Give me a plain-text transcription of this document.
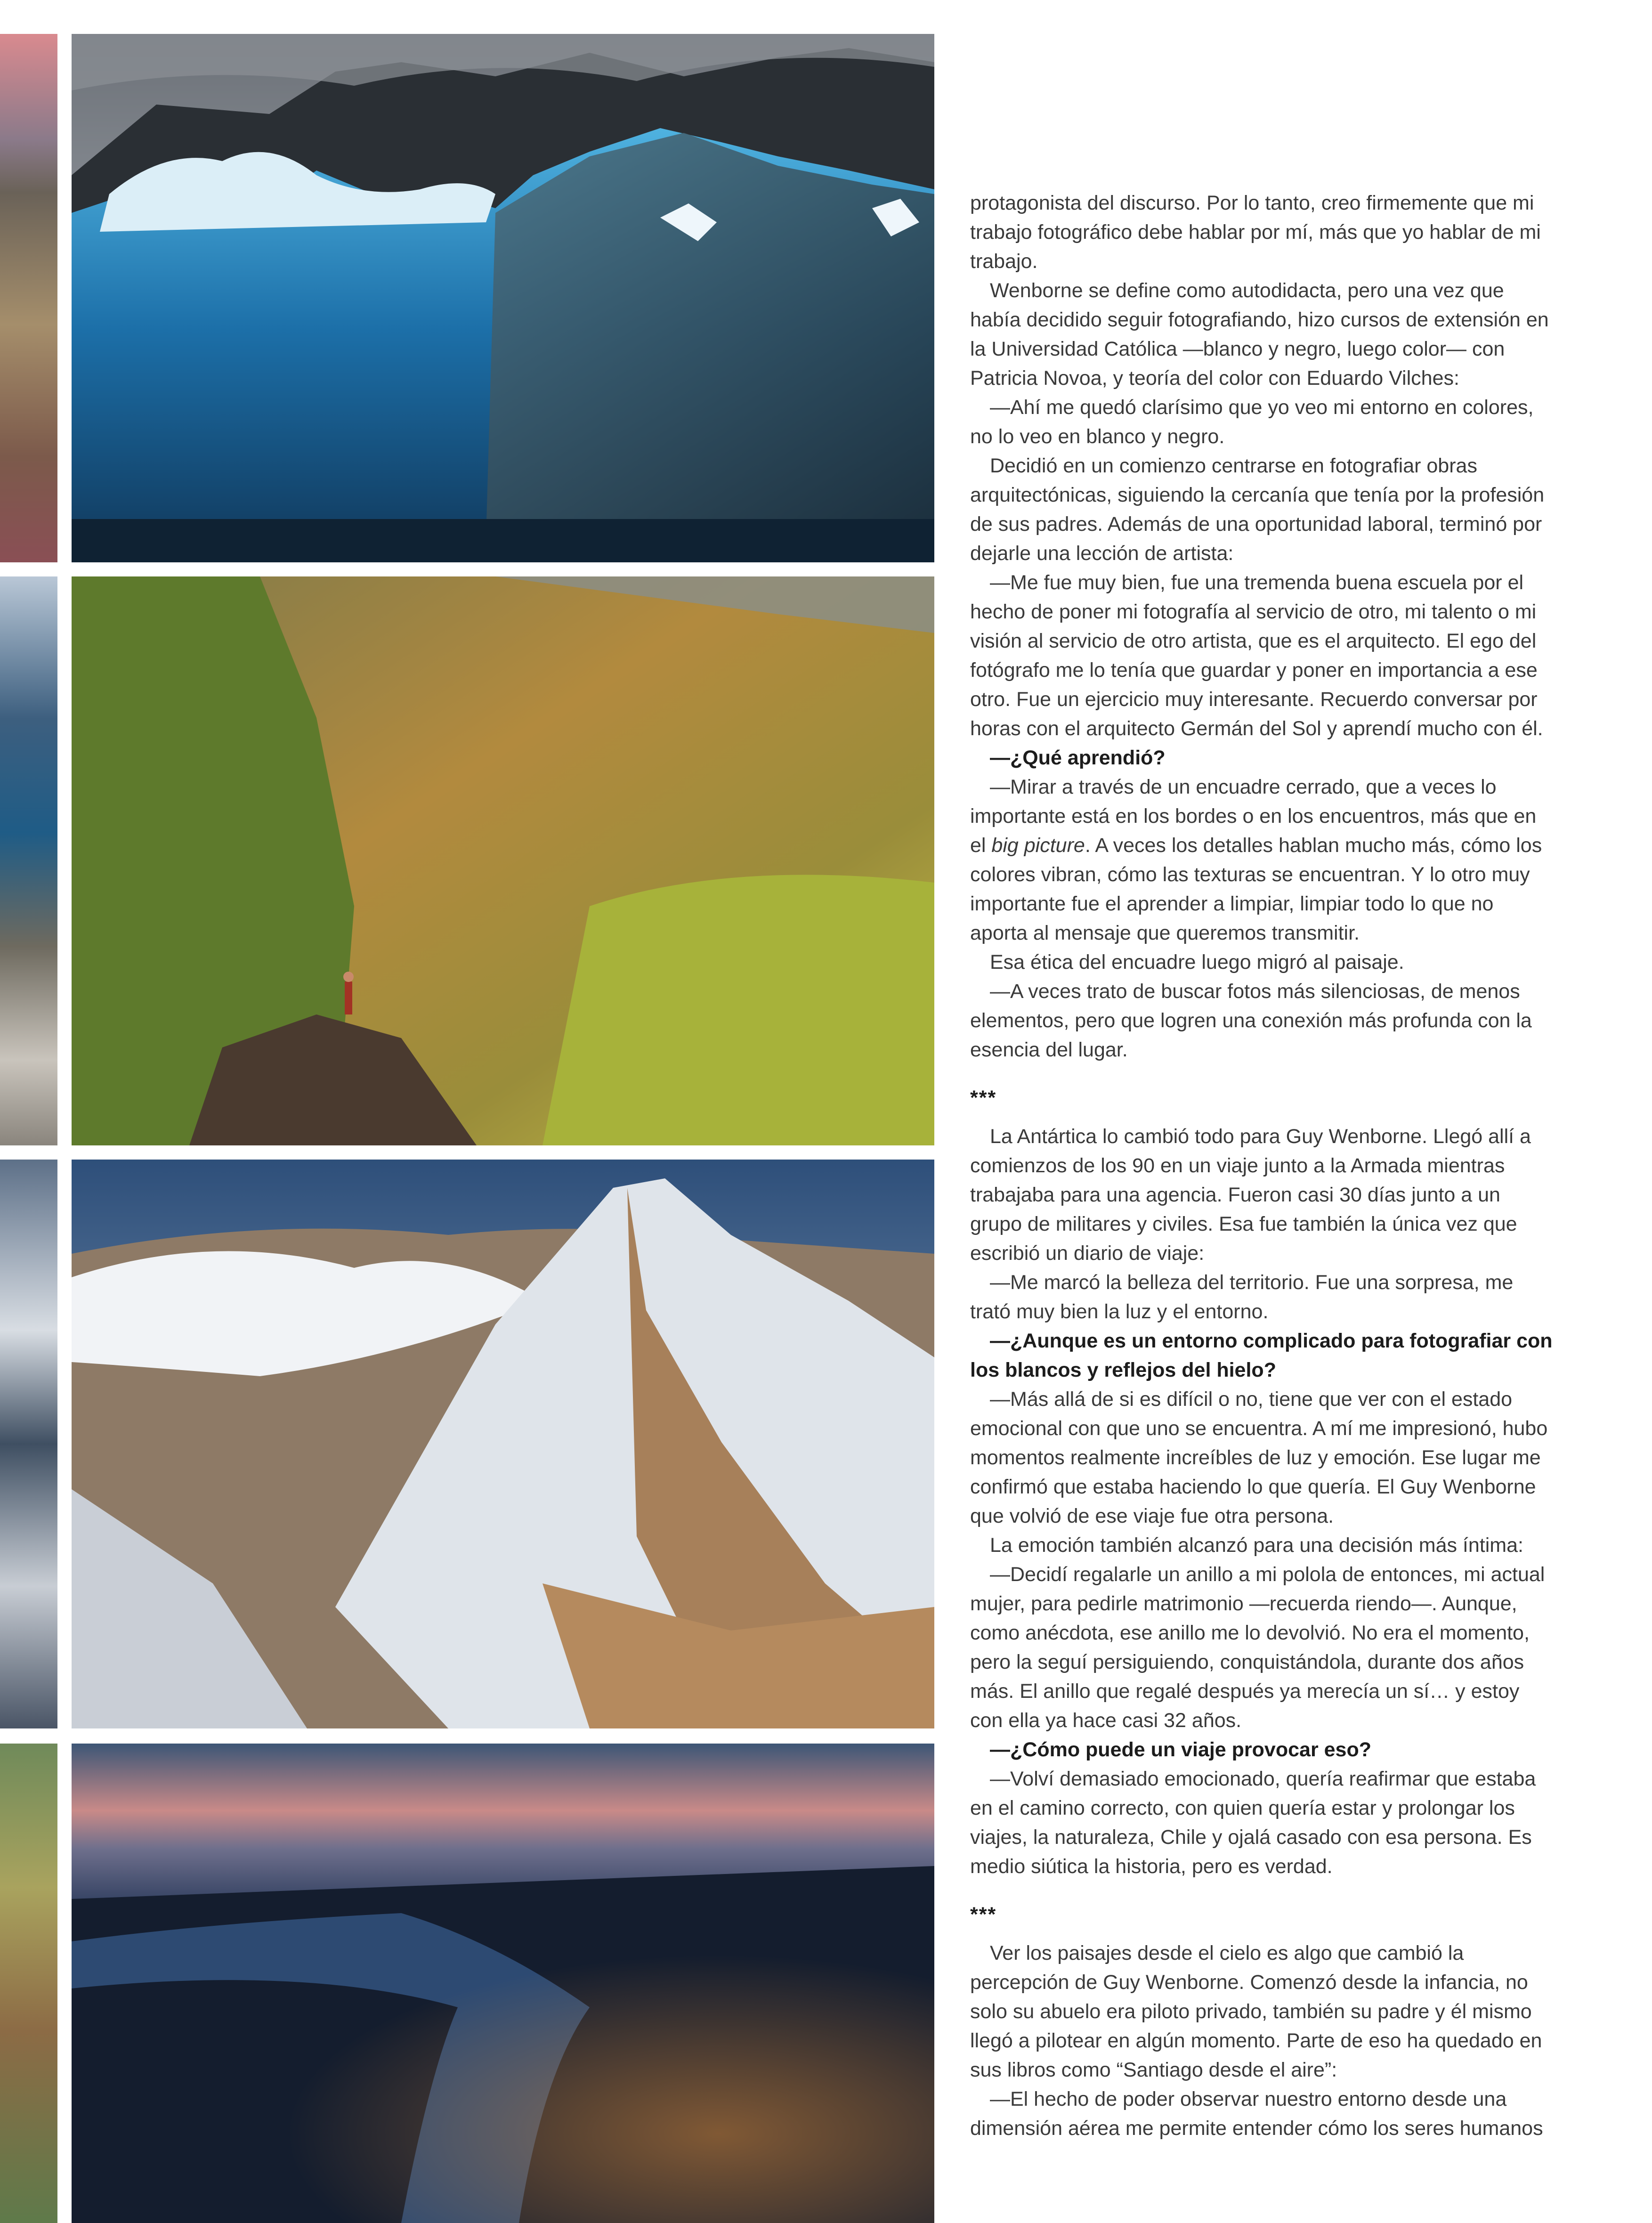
protagonista del discurso. Por lo tanto, creo firmemente que mi trabajo fotográfico debe hablar por mí, más que yo hablar de mi trabajo.

Wenborne se define como autodidacta, pero una vez que había decidido seguir fotografiando, hizo cursos de extensión en la Universidad Católica —blanco y negro, luego color— con Patricia Novoa, y teoría del color con Eduardo Vilches:

—Ahí me quedó clarísimo que yo veo mi entorno en colores, no lo veo en blanco y negro.

Decidió en un comienzo centrarse en fotografiar obras arquitectónicas, siguiendo la cercanía que tenía por la profesión de sus padres. Además de una oportunidad laboral, terminó por dejarle una lección de artista:

—Me fue muy bien, fue una tremenda buena escuela por el hecho de poner mi fotografía al servicio de otro, mi talento o mi visión al servicio de otro artista, que es el arquitecto. El ego del fotógrafo me lo tenía que guardar y poner en importancia a ese otro. Fue un ejercicio muy interesante. Recuerdo conversar por horas con el arquitecto Germán del Sol y aprendí mucho con él.

—¿Qué aprendió?

—Mirar a través de un encuadre cerrado, que a veces lo importante está en los bordes o en los encuentros, más que en el big picture. A veces los detalles hablan mucho más, cómo los colores vibran, cómo las texturas se encuentran. Y lo otro muy importante fue el aprender a limpiar, limpiar todo lo que no aporta al mensaje que queremos transmitir.

Esa ética del encuadre luego migró al paisaje.

—A veces trato de buscar fotos más silenciosas, de menos elementos, pero que logren una conexión más profunda con la esencia del lugar.

***

La Antártica lo cambió todo para Guy Wenborne. Llegó allí a comienzos de los 90 en un viaje junto a la Armada mientras trabajaba para una agencia. Fueron casi 30 días junto a un grupo de militares y civiles. Esa fue también la única vez que escribió un diario de viaje:

—Me marcó la belleza del territorio. Fue una sorpresa, me trató muy bien la luz y el entorno.

—¿Aunque es un entorno complicado para fotografiar con los blancos y reflejos del hielo?

—Más allá de si es difícil o no, tiene que ver con el estado emocional con que uno se encuentra. A mí me impresionó, hubo momentos realmente increíbles de luz y emoción. Ese lugar me confirmó que estaba haciendo lo que quería. El Guy Wenborne que volvió de ese viaje fue otra persona.

La emoción también alcanzó para una decisión más íntima:

—Decidí regalarle un anillo a mi polola de entonces, mi actual mujer, para pedirle matrimonio —recuerda riendo—. Aunque, como anécdota, ese anillo me lo devolvió. No era el momento, pero la seguí persiguiendo, conquistándola, durante dos años más. El anillo que regalé después ya merecía un sí… y estoy con ella ya hace casi 32 años.

—¿Cómo puede un viaje provocar eso?

—Volví demasiado emocionado, quería reafirmar que estaba en el camino correcto, con quien quería estar y prolongar los viajes, la naturaleza, Chile y ojalá casado con esa persona. Es medio siútica la historia, pero es verdad.

***

Ver los paisajes desde el cielo es algo que cambió la percepción de Guy Wenborne. Comenzó desde la infancia, no solo su abuelo era piloto privado, también su padre y él mismo llegó a pilotear en algún momento. Parte de eso ha quedado en sus libros como “Santiago desde el aire”:

—El hecho de poder observar nuestro entorno desde una dimensión aérea me permite entender cómo los seres humanos
